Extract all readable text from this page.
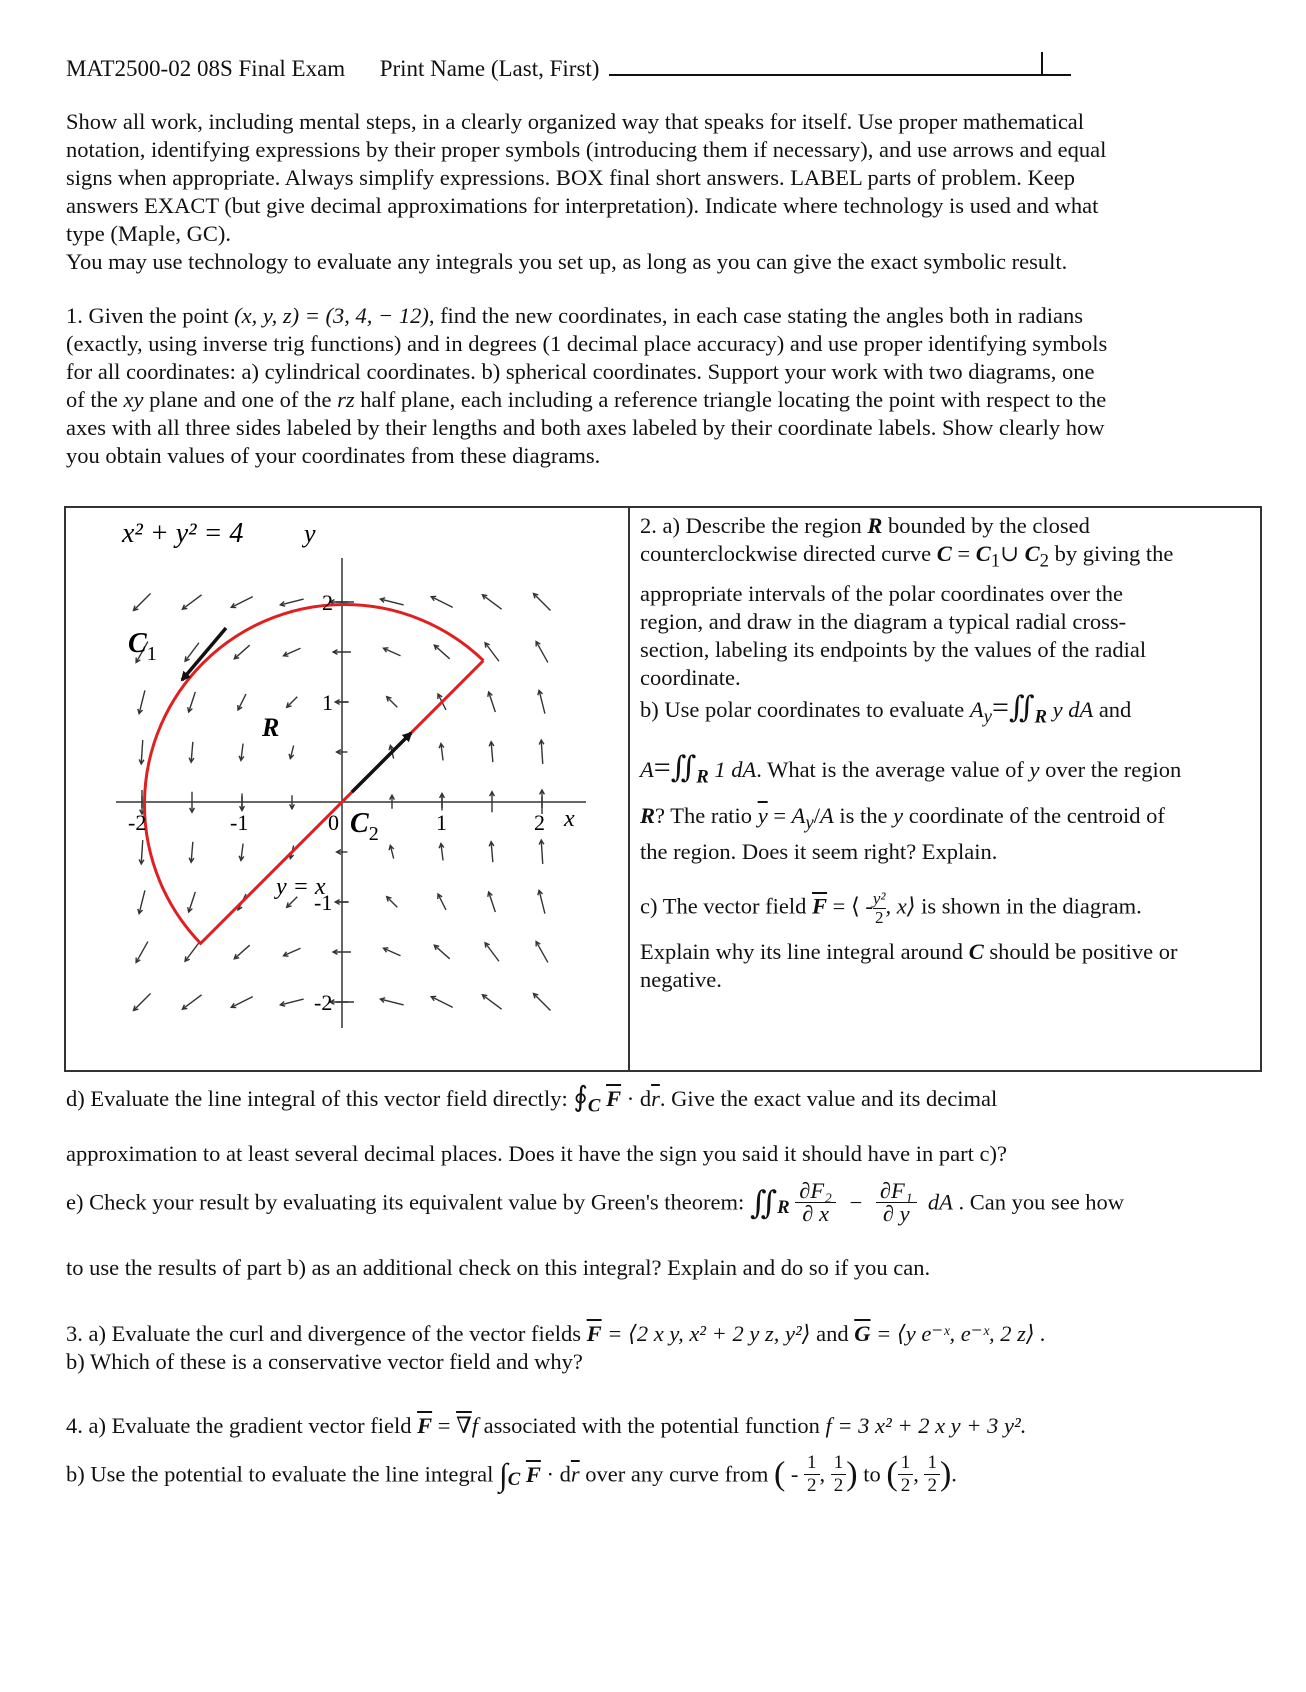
MAT2500-02 08S Final Exam Print Name (Last, First)

Show all work, including mental steps, in a clearly organized way that speaks for itself. Use proper mathematical

notation, identifying expressions by their proper symbols (introducing them if necessary), and use arrows and equal

signs when appropriate. Always simplify expressions. BOX final short answers. LABEL parts of problem. Keep

answers EXACT (but give decimal approximations for interpretation). Indicate where technology is used and what

type (Maple, GC).

You may use technology to evaluate any integrals you set up, as long as you can give the exact symbolic result.

1. Given the point (x, y, z) = (3, 4, − 12), find the new coordinates, in each case stating the angles both in radians

(exactly, using inverse trig functions) and in degrees (1 decimal place accuracy) and use proper identifying symbols

for all coordinates: a) cylindrical coordinates. b) spherical coordinates. Support your work with two diagrams, one

of the xy plane and one of the rz half plane, each including a reference triangle locating the point with respect to the

axes with all three sides labeled by their lengths and both axes labeled by their coordinate labels. Show clearly how

you obtain values of your coordinates from these diagrams.

x² + y² = 4 y
x
$C_1$
$C_2$
R
y = x
-2	-1	0	1	2
2
1
-1
-2
2. a) Describe the region R bounded by the closed
counterclockwise directed curve $C = C_1\cup$ $C_2$ by giving the
appropriate intervals of the polar coordinates over the
region, and draw in the diagram a typical radial cross-
section, labeling its endpoints by the values of the radial
coordinate.
b) Use polar coordinates to evaluate $A_y=∬_R$ y dA and
$A=∬_R$ 1 dA. What is the average value of y over the region
R? The ratio $\overline{y} = A_y/A$ is the y coordinate of the centroid of
the region. Does it seem right? Explain.
c) The vector field $\overline{F}$ = ⟨ - $\frac{\text{y²}}{2}$ , x⟩ is shown in the diagram.
Explain why its line integral around C should be positive or
negative.
d) Evaluate the line integral of this vector field directly: $∮_C$ $\overline{F} \cdot d\overline{r}$. Give the exact value and its decimal
approximation to at least several decimal places. Does it have the sign you said it should have in part c)?
e) Check your result by evaluating its equivalent value by Green's theorem: $∬_R \frac{\text{∂F₂}}{\partial x} - \frac{\text{∂F₁}}{\partial y}$ dA . Can you see how
to use the results of part b) as an additional check on this integral? Explain and do so if you can.
3. a) Evaluate the curl and divergence of the vector fields $\overline{F}$ = ⟨2 x y, x² + 2 y z, y²⟩ and $\overline{G}$ = ⟨y e⁻ˣ, e⁻ˣ, 2 z⟩ .
b) Which of these is a conservative vector field and why?
4. a) Evaluate the gradient vector field $\overline{F} = \nabla f$ associated with the potential function f = 3 x² + 2 x y + 3 y².
b) Use the potential to evaluate the line integral $\int_C$ $\overline{F} \cdot d\overline{r}$ over any curve from ( - $\frac{1}{2}$ , $\frac{1}{2}$ ) to ( $\frac{1}{2}$ , $\frac{1}{2}$ ).
